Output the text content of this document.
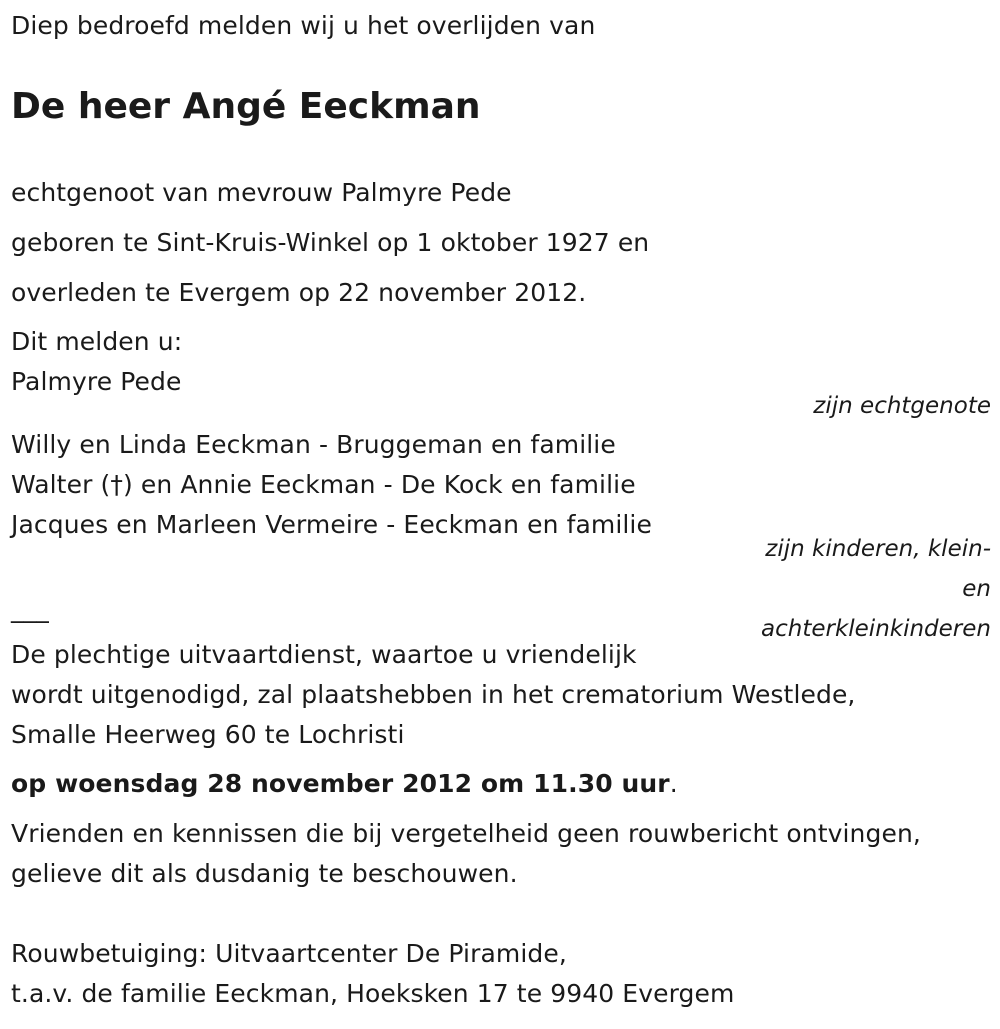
Diep bedroefd melden wij u het overlijden van
De heer Angé Eeckman
echtgenoot van mevrouw Palmyre Pede
geboren te Sint-Kruis-Winkel op 1 oktober 1927 en
overleden te Evergem op 22 november 2012.
Dit melden u:
Palmyre Pede
zijn echtgenote
Willy en Linda Eeckman - Bruggeman en familie
Walter (†) en Annie Eeckman - De Kock en familie
Jacques en Marleen Vermeire - Eeckman en familie
zijn kinderen, klein-
en
achterkleinkinderen
___
De plechtige uitvaartdienst, waartoe u vriendelijk
wordt uitgenodigd, zal plaatshebben in het crematorium Westlede,
Smalle Heerweg 60 te Lochristi
op woensdag 28 november 2012 om 11.30 uur.
Vrienden en kennissen die bij vergetelheid geen rouwbericht ontvingen,
gelieve dit als dusdanig te beschouwen.
Rouwbetuiging: Uitvaartcenter De Piramide,
t.a.v. de familie Eeckman, Hoeksken 17 te 9940 Evergem
